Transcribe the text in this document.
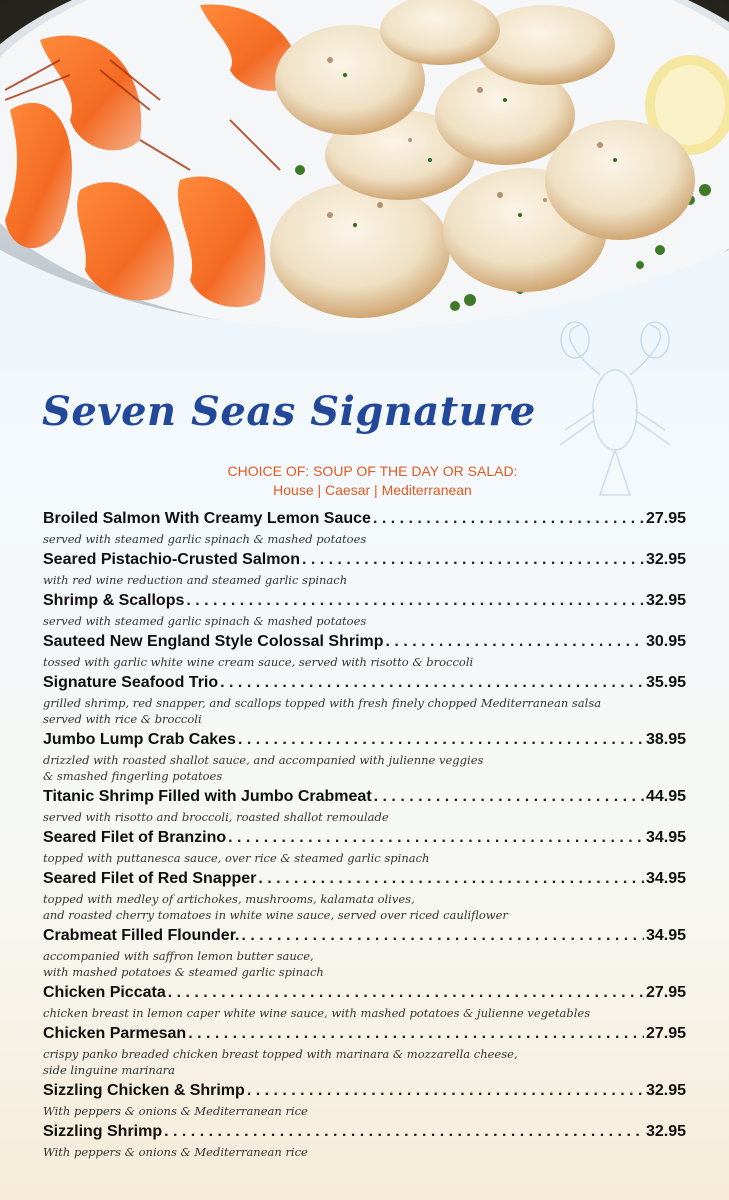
Seven Seas Signature
CHOICE OF: SOUP OF THE DAY OR SALAD:
House | Caesar | Mediterranean
Broiled Salmon With Creamy Lemon Sauce . . .	27.95
served with steamed garlic spinach & mashed potatoes
Seared Pistachio-Crusted Salmon . . .	32.95
with red wine reduction and steamed garlic spinach
Shrimp & Scallops . . .	32.95
served with steamed garlic spinach & mashed potatoes
Sauteed New England Style Colossal Shrimp . . .	30.95
tossed with garlic white wine cream sauce, served with risotto & broccoli
Signature Seafood Trio . . .	35.95
grilled shrimp, red snapper, and scallops topped with fresh finely chopped Mediterranean salsa
served with rice & broccoli
Jumbo Lump Crab Cakes . . .	38.95
drizzled with roasted shallot sauce, and accompanied with julienne veggies
& smashed fingerling potatoes
Titanic Shrimp Filled with Jumbo Crabmeat . . .	44.95
served with risotto and broccoli, roasted shallot remoulade
Seared Filet of Branzino . . .	34.95
topped with puttanesca sauce, over rice & steamed garlic spinach
Seared Filet of Red Snapper . . .	34.95
topped with medley of artichokes, mushrooms, kalamata olives,
and roasted cherry tomatoes in white wine sauce, served over riced cauliflower
Crabmeat Filled Flounder. . . .	34.95
accompanied with saffron lemon butter sauce,
with mashed potatoes & steamed garlic spinach
Chicken Piccata . . .	27.95
chicken breast in lemon caper white wine sauce, with mashed potatoes & julienne vegetables
Chicken Parmesan . . .	27.95
crispy panko breaded chicken breast topped with marinara & mozzarella cheese,
side linguine marinara
Sizzling Chicken & Shrimp . . .	32.95
With peppers & onions & Mediterranean rice
Sizzling Shrimp . . .	32.95
With peppers & onions & Mediterranean rice
